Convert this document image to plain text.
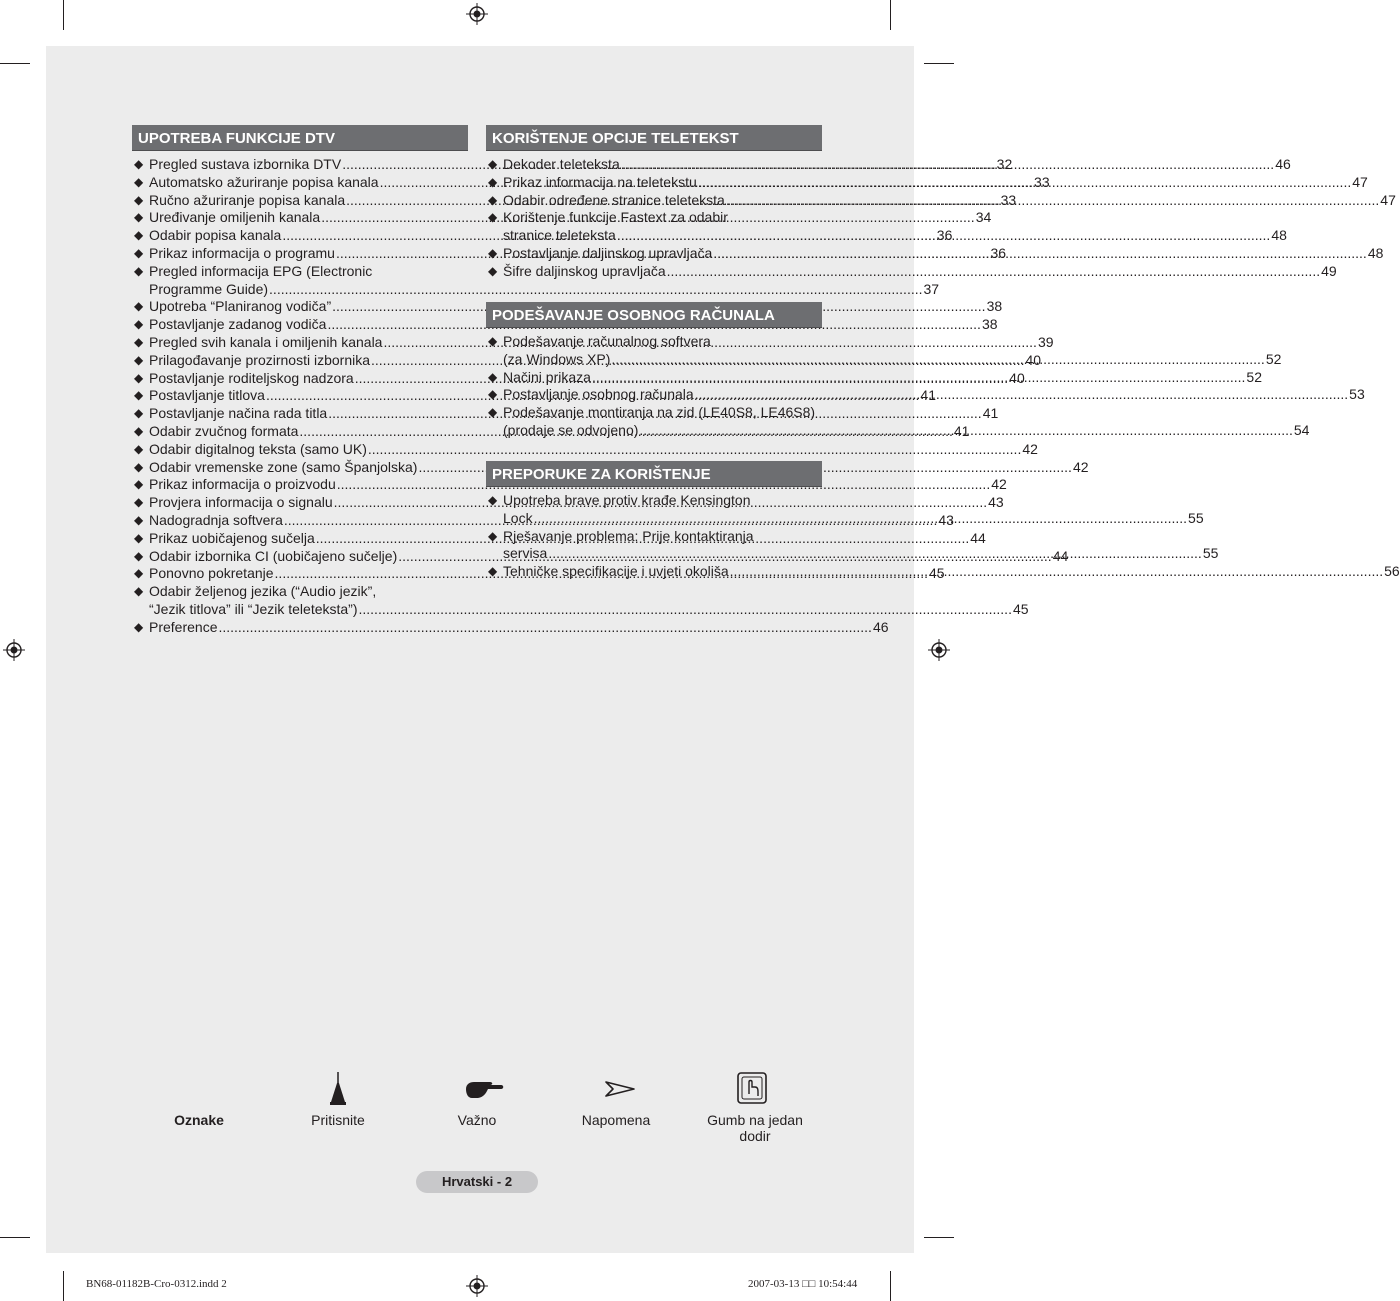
UPOTREBA FUNKCIJE DTV
◆ Pregled sustava izbornika DTV .....	32
◆ Automatsko ažuriranje popisa kanala .....	33
◆ Ručno ažuriranje popisa kanala .....	33
◆ Uređivanje omiljenih kanala .....	34
◆ Odabir popisa kanala .....	36
◆ Prikaz informacija o programu .....	36
◆ Pregled informacija EPG (Electronic
Programme Guide) .....	37
◆ Upotreba “Planiranog vodiča” .....	38
◆ Postavljanje zadanog vodiča .....	38
◆ Pregled svih kanala i omiljenih kanala .....	39
◆ Prilagođavanje prozirnosti izbornika .....	40
◆ Postavljanje roditeljskog nadzora .....	40
◆ Postavljanje titlova .....	41
◆ Postavljanje načina rada titla .....	41
◆ Odabir zvučnog formata .....	41
◆ Odabir digitalnog teksta (samo UK) .....	42
◆ Odabir vremenske zone (samo Španjolska) .....	42
◆ Prikaz informacija o proizvodu .....	42
◆ Provjera informacija o signalu .....	43
◆ Nadogradnja softvera .....	43
◆ Prikaz uobičajenog sučelja .....	44
◆ Odabir izbornika CI (uobičajeno sučelje) .....	44
◆ Ponovno pokretanje .....	45
◆ Odabir željenog jezika (“Audio jezik”,
“Jezik titlova” ili “Jezik teleteksta”) .....	45
◆ Preference .....	46
KORIŠTENJE OPCIJE TELETEKST
◆ Dekoder teleteksta .....	46
◆ Prikaz informacija na teletekstu .....	47
◆ Odabir određene stranice teleteksta .....	47
◆ Korištenje funkcije Fastext za odabir
stranice teleteksta .....	48
◆ Postavljanje daljinskog upravljača .....	48
◆ Šifre daljinskog upravljača .....	49
PODEŠAVANJE OSOBNOG RAČUNALA
◆ Podešavanje računalnog softvera
(za Windows XP) .....	52
◆ Načini prikaza .....	52
◆ Postavljanje osobnog računala .....	53
◆ Podešavanje montiranja na zid (LE40S8, LE46S8)
(prodaje se odvojeno) .....	54
PREPORUKE ZA KORIŠTENJE
◆ Upotreba brave protiv krađe Kensington
Lock .....	55
◆ Rješavanje problema: Prije kontaktiranja
servisa .....	55
◆ Tehničke specifikacije i uvjeti okoliša .....	56
Oznake	Pritisnite	Važno	Napomena	Gumb na jedan dodir
Hrvatski - 2
BN68-01182B-Cro-0312.indd 2	2007-03-13 □□ 10:54:44
